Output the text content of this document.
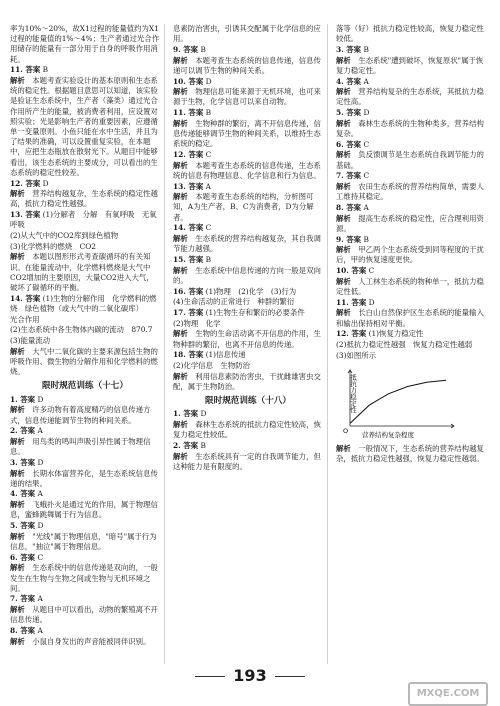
率为10%～20%，故X1过程的能量值约为X1过程的能量值的1%～4%；生产者通过光合作用储存的能量有一部分用于自身的呼吸作用消耗。
11. 答案 B
解析　 本题考查实验设计的基本原则和生态系统的稳定性。根据题目意思可以知道，该实验是验证生态系统中，生产者（藻类）通过光合作用所产生的能量，被消费者利用，应设置对照实验；光是影响生产者的重要因素，应遵循单一变量原则。小鱼只能在水中生活，并且为了结果的准确，可以设置重复实验，在本题中，应把生态瓶放在散射光下。从题目中能够看出，该生态系统的主要成分，可以看出的生态系统的稳定性较差。
12. 答案 D
解析　 营养结构越复杂，生态系统的稳定性越高，抵抗力稳定性越强。
13. 答案 (1)分解者　分解　有氧呼吸　无氧呼吸
(2)从大气中的CO2库到绿色植物
(3)化学燃料的燃烧　CO2
解析　 本题以图形形式考查碳循环的有关知识。在能量流动中，化学燃料燃烧是大气中CO2增加的主要原因，大量CO2进入大气，破坏了碳循环的平衡。
14. 答案 (1)生物的分解作用　化学燃料的燃烧　绿色植物（或大气中的二氧化碳库）
光合作用
(2)生态系统中各生物体内碳的流动　870.7
(3)能量流动
解析　 大气中二氧化碳的主要来源包括生物的呼吸作用、微生物的分解作用和化学燃料的燃烧。
限时规范训练（十七）
1. 答案 D
解析　 许多动物有着高度精巧的信息传递方式，信息传递能调节生物的种间关系。
2. 答案 A
解析　 用鸟类的鸣叫声吸引异性属于物理信息。
3. 答案 D
解析　 长期水体富营养化，是生态系统信息传递的结果。
4. 答案 A
解析　 飞蛾扑火是通过光的作用，属于物理信息，蜜蜂跳舞属于行为信息。
5. 答案 D
解析　 "光线"属于物理信息，"暗号"属于行为信息，"抽泣"属于物理信息。
6. 答案 C
解析　 生态系统中的信息传递是双向的，一般发生在生物与生物之间或生物与无机环境之间。
7. 答案 A
解析　 从题目中可以看出，动物的繁殖离不开信息传递。
8. 答案 A
解析　 小鼠自身发出的声音能被同伴识别。
息素防治害虫，引诱其交配属于化学信息的应用。
9. 答案 B
解析　 本题考查生态系统的信息传递，信息传递可以调节生物的种间关系。
10. 答案 D
解析　 物理信息可能来源于无机环境，也可来源于生物，化学信息可以来自动物。
11. 答案 B
解析　 生物种群的繁衍，离不开信息传递，信息传递能够调节生物的种间关系，以维持生态系统的稳定。
12. 答案 C
解析　 本题考查生态系统的信息传递，生态系统的信息有物理信息、化学信息和行为信息。
13. 答案 A
解析　 本题考查生态系统的结构，分析图可知，A为生产者，B、C为消费者，D为分解者。
14. 答案 C
解析　 生态系统的营养结构越复杂，其自我调节能力越强。
15. 答案 B
解析　 生态系统中信息传递的方向一般是双向的。
16. 答案 (1)物理　(2)化学　(3)行为
(4)生命活动的正常进行　种群的繁衍
17. 答案 (1)生物生存和繁衍的必要条件
(2)物理　化学
解析　 生物的生命活动离不开信息的作用，生物种群的繁衍，也离不开信息的传递。
18. 答案 (1)信息传递
(2)化学信息　生物防治
解析　 利用信息素防治害虫，干扰雌雄害虫交配，属于生物防治。
限时规范训练（十八）
1. 答案 D
解析　 森林生态系统的抵抗力稳定性较高，恢复力稳定性较低。
2. 答案 B
解析　 生态系统具有一定的自我调节能力，但这种能力是有限度的。
落等（好）抵抗力稳定性较高，恢复力稳定性较低。
3. 答案 B
解析　 生态系统"遭到破坏，恢复原状"属于恢复力稳定性。
4. 答案 A
解析　 营养结构复杂的生态系统，其抵抗力稳定性高。
5. 答案 D
解析　 森林生态系统的生物种类多，营养结构复杂。
6. 答案 C
解析　 负反馈调节是生态系统自我调节能力的基础。
7. 答案 C
解析　 农田生态系统的营养结构简单，需要人工维持其稳定。
8. 答案 A
解析　 提高生态系统的稳定性，应合理利用资源。
9. 答案 B
解析　 甲乙两个生态系统受到同等程度的干扰后，甲的恢复速度更快。
10. 答案 C
解析　 人工林生态系统的物种单一，抵抗力稳定性低。
11. 答案 D
解析　 长白山自然保护区生态系统的能量输入和输出保持相对平衡。
12. 答案 (1)恢复力稳定性
(2)抵抗力稳定性越强　恢复力稳定性越弱
(3)如图所示
抵抗力稳定性
O 营养结构复杂程度
解析　 一般情况下，生态系统的营养结构越复杂，抵抗力稳定性越强，恢复力稳定性越弱。
193
MXQE.COM
